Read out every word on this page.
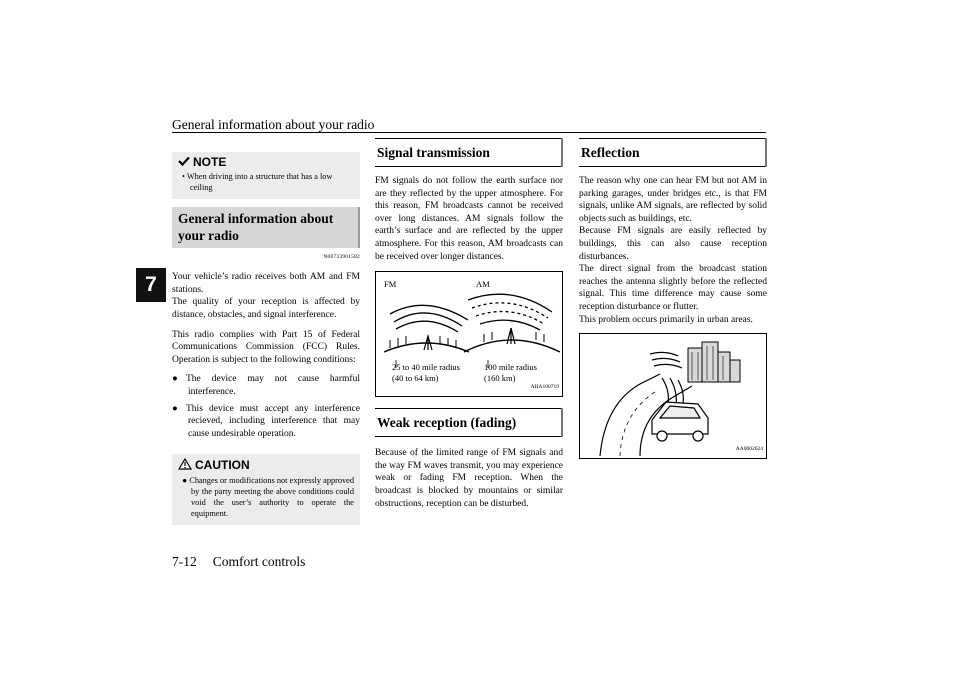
General information about your radio
7
NOTE
• When driving into a structure that has a low ceiling
General information about your radio
N00733901582

Your vehicle’s radio receives both AM and FM stations.

The quality of your reception is affected by distance, obstacles, and signal interference.

This radio complies with Part 15 of Federal Communications Commission (FCC) Rules. Operation is subject to the following conditions:

● The device may not cause harmful interference.
● This device must accept any interference recieved, including interference that may cause undesirable operation.
CAUTION
● Changes or modifications not expressly approved by the party meeting the above conditions could void the user’s authority to operate the equipment.
Signal transmission

FM signals do not follow the earth surface nor are they reflected by the upper atmosphere. For this reason, FM broadcasts cannot be received over long distances. AM signals follow the earth’s surface and are reflected by the upper atmosphere. For this reason, AM broadcasts can be received over longer distances.

FM	AM
25 to 40 mile radius
(40 to 64 km)
100 mile radius
(160 km)
AHA100719
Weak reception (fading)

Because of the limited range of FM signals and the way FM waves transmit, you may experience weak or fading FM reception. When the broadcast is blocked by mountains or similar obstructions, reception can be disturbed.

Reflection

The reason why one can hear FM but not AM in parking garages, under bridges etc., is that FM signals, unlike AM signals, are reflected by solid objects such as buildings, etc.

Because FM signals are easily reflected by buildings, this can also cause reception disturbances.

The direct signal from the broadcast station reaches the antenna slightly before the reflected signal. This time difference may cause some reception disturbance or flutter.

This problem occurs primarily in urban areas.

AA0002624
7-12 Comfort controls
